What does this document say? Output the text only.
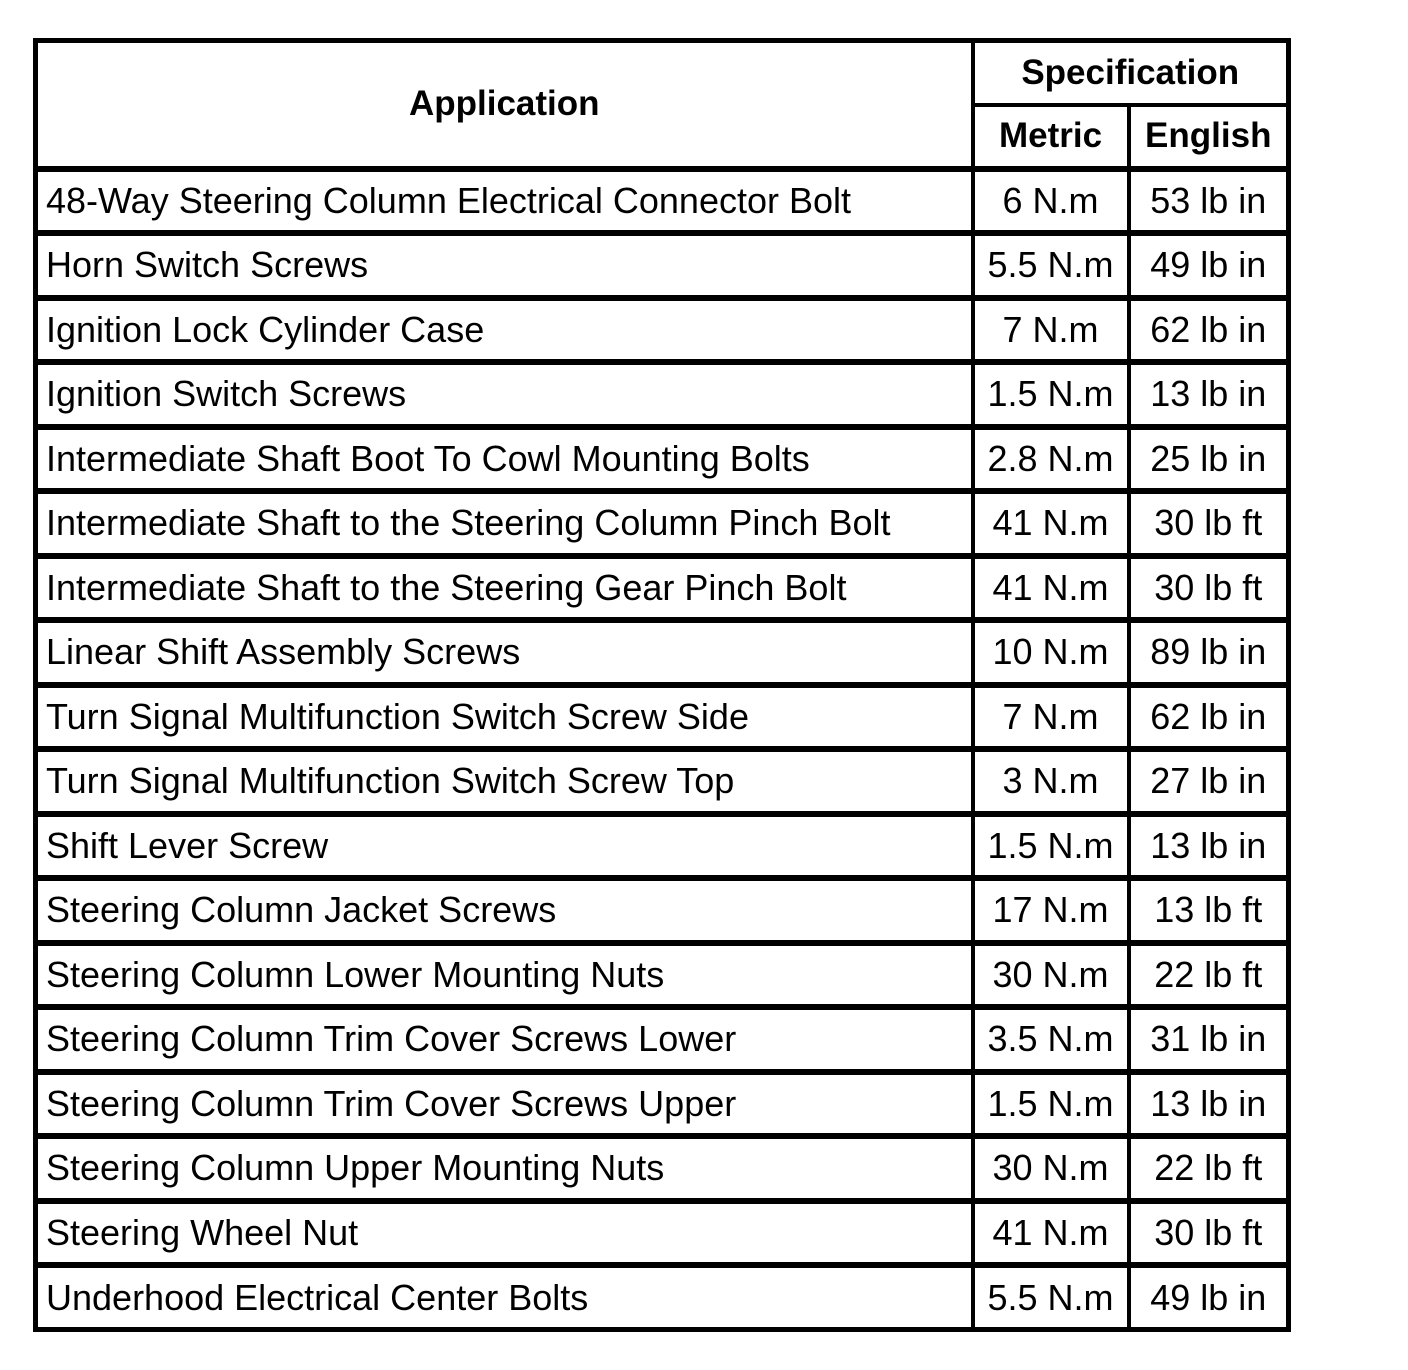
Application	Specification	
	Metric	English
48-Way Steering Column Electrical Connector Bolt	6 N.m	53 lb in
Horn Switch Screws	5.5 N.m	49 lb in
Ignition Lock Cylinder Case	7 N.m	62 lb in
Ignition Switch Screws	1.5 N.m	13 lb in
Intermediate Shaft Boot To Cowl Mounting Bolts	2.8 N.m	25 lb in
Intermediate Shaft to the Steering Column Pinch Bolt	41 N.m	30 lb ft
Intermediate Shaft to the Steering Gear Pinch Bolt	41 N.m	30 lb ft
Linear Shift Assembly Screws	10 N.m	89 lb in
Turn Signal Multifunction Switch Screw Side	7 N.m	62 lb in
Turn Signal Multifunction Switch Screw Top	3 N.m	27 lb in
Shift Lever Screw	1.5 N.m	13 lb in
Steering Column Jacket Screws	17 N.m	13 lb ft
Steering Column Lower Mounting Nuts	30 N.m	22 lb ft
Steering Column Trim Cover Screws Lower	3.5 N.m	31 lb in
Steering Column Trim Cover Screws Upper	1.5 N.m	13 lb in
Steering Column Upper Mounting Nuts	30 N.m	22 lb ft
Steering Wheel Nut	41 N.m	30 lb ft
Underhood Electrical Center Bolts	5.5 N.m	49 lb in
